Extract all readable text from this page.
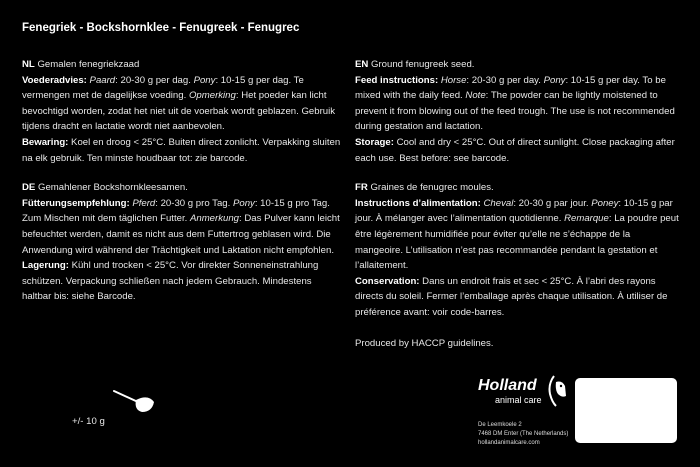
Fenegriek - Bockshornklee - Fenugreek - Fenugrec
NL Gemalen fenegriekzaad
Voederadvies: Paard: 20-30 g per dag. Pony: 10-15 g per dag. Te vermengen met de dagelijkse voeding. Opmerking: Het poeder kan licht bevochtigd worden, zodat het niet uit de voerbak wordt geblazen. Gebruik tijdens dracht en lactatie wordt niet aanbevolen.
Bewaring: Koel en droog < 25°C. Buiten direct zonlicht. Verpakking sluiten na elk gebruik. Ten minste houdbaar tot: zie barcode.
DE Gemahlener Bockshornkleesamen.
Fütterungsempfehlung: Pferd: 20-30 g pro Tag. Pony: 10-15 g pro Tag. Zum Mischen mit dem täglichen Futter. Anmerkung: Das Pulver kann leicht befeuchtet werden, damit es nicht aus dem Futtertrog geblasen wird. Die Anwendung wird während der Trächtigkeit und Laktation nicht empfohlen.
Lagerung: Kühl und trocken < 25°C. Vor direkter Sonneneinstrahlung schützen. Verpackung schließen nach jedem Gebrauch. Mindestens haltbar bis: siehe Barcode.
EN Ground fenugreek seed.
Feed instructions: Horse: 20-30 g per day. Pony: 10-15 g per day. To be mixed with the daily feed. Note: The powder can be lightly moistened to prevent it from blowing out of the feed trough. The use is not recommended during gestation and lactation.
Storage: Cool and dry < 25°C. Out of direct sunlight. Close packaging after each use. Best before: see barcode.
FR Graines de fenugrec moules.
Instructions d’alimentation: Cheval: 20-30 g par jour. Poney: 10-15 g par jour. À mélanger avec l’alimentation quotidienne. Remarque: La poudre peut être légèrement humidifiée pour éviter qu’elle ne s’échappe de la mangeoire. L’utilisation n’est pas recommandée pendant la gestation et l’allaitement.
Conservation: Dans un endroit frais et sec < 25°C. À l’abri des rayons directs du soleil. Fermer l’emballage après chaque utilisation. À utiliser de préférence avant: voir code-barres.
Produced by HACCP guidelines.
+/- 10 g
Holland
animal care
De Leemkoele 2
7468 DM Enter (The Netherlands)
hollandanimalcare.com
